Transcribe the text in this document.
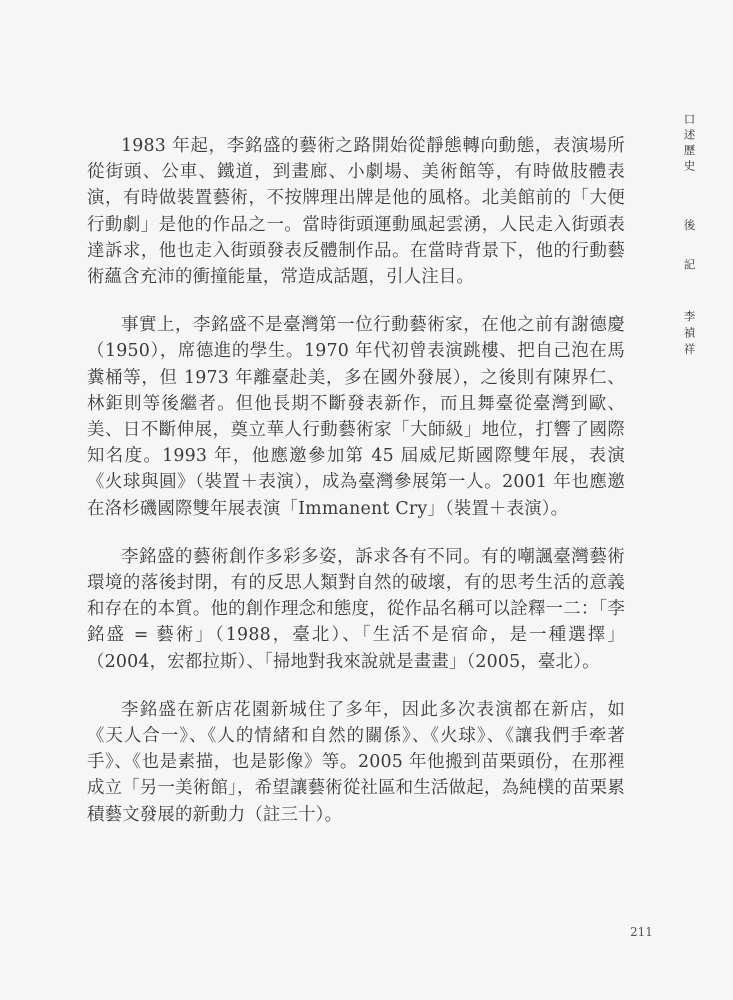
1983 年起，李銘盛的藝術之路開始從靜態轉向動態，表演場所從街頭、公車、鐵道，到畫廊、小劇場、美術館等，有時做肢體表演，有時做裝置藝術，不按牌理出牌是他的風格。北美館前的「大便行動劇」是他的作品之一。當時街頭運動風起雲湧，人民走入街頭表達訴求，他也走入街頭發表反體制作品。在當時背景下，他的行動藝術蘊含充沛的衝撞能量，常造成話題，引人注目。

事實上，李銘盛不是臺灣第一位行動藝術家，在他之前有謝德慶（1950），席德進的學生。1970 年代初曾表演跳樓、把自己泡在馬糞桶等，但 1973 年離臺赴美，多在國外發展），之後則有陳界仁、林鉅則等後繼者。但他長期不斷發表新作，而且舞臺從臺灣到歐、美、日不斷伸展，奠立華人行動藝術家「大師級」地位，打響了國際知名度。1993 年，他應邀參加第 45 屆威尼斯國際雙年展，表演《火球與圓》（裝置＋表演），成為臺灣參展第一人。2001 年也應邀在洛杉磯國際雙年展表演「Immanent Cry」（裝置＋表演）。

李銘盛的藝術創作多彩多姿，訴求各有不同。有的嘲諷臺灣藝術環境的落後封閉，有的反思人類對自然的破壞，有的思考生活的意義和存在的本質。他的創作理念和態度，從作品名稱可以詮釋一二：「李銘盛 = 藝術」（1988，臺北）、「生活不是宿命，是一種選擇」（2004，宏都拉斯）、「掃地對我來說就是畫畫」（2005，臺北）。

李銘盛在新店花園新城住了多年，因此多次表演都在新店，如《天人合一》、《人的情緒和自然的關係》、《火球》、《讓我們手牽著手》、《也是素描，也是影像》等。2005 年他搬到苗栗頭份，在那裡成立「另一美術館」，希望讓藝術從社區和生活做起，為純樸的苗栗累積藝文發展的新動力（註三十）。

口述歷史
後記
李禎祥
211
